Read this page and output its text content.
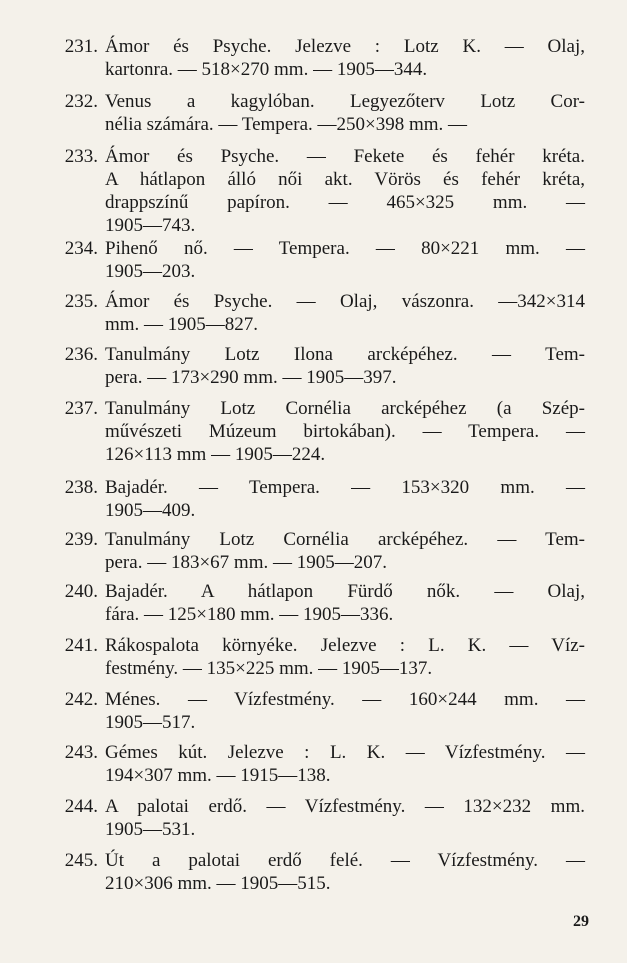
231. Ámor és Psyche. Jelezve : Lotz K. — Olaj,
kartonra. — 518×270 mm. — 1905—344.
232. Venus a kagylóban. Legyezőterv Lotz Cor-
nélia számára. — Tempera. —250×398 mm. —
233. Ámor és Psyche. — Fekete és fehér kréta.
A hátlapon álló női akt. Vörös és fehér kréta,
drappszínű papíron. — 465×325 mm. —
1905—743.
234. Pihenő nő. — Tempera. — 80×221 mm. —
1905—203.
235. Ámor és Psyche. — Olaj, vászonra. —342×314
mm. — 1905—827.
236. Tanulmány Lotz Ilona arcképéhez. — Tem-
pera. — 173×290 mm. — 1905—397.
237. Tanulmány Lotz Cornélia arcképéhez (a Szép-
művészeti Múzeum birtokában). — Tempera. —
126×113 mm — 1905—224.
238. Bajadér. — Tempera. — 153×320 mm. —
1905—409.
239. Tanulmány Lotz Cornélia arcképéhez. — Tem-
pera. — 183×67 mm. — 1905—207.
240. Bajadér. A hátlapon Fürdő nők. — Olaj,
fára. — 125×180 mm. — 1905—336.
241. Rákospalota környéke. Jelezve : L. K. — Víz-
festmény. — 135×225 mm. — 1905—137.
242. Ménes. — Vízfestmény. — 160×244 mm. —
1905—517.
243. Gémes kút. Jelezve : L. K. — Vízfestmény. —
194×307 mm. — 1915—138.
244. A palotai erdő. — Vízfestmény. — 132×232 mm.
1905—531.
245. Út a palotai erdő felé. — Vízfestmény. —
210×306 mm. — 1905—515.
29
